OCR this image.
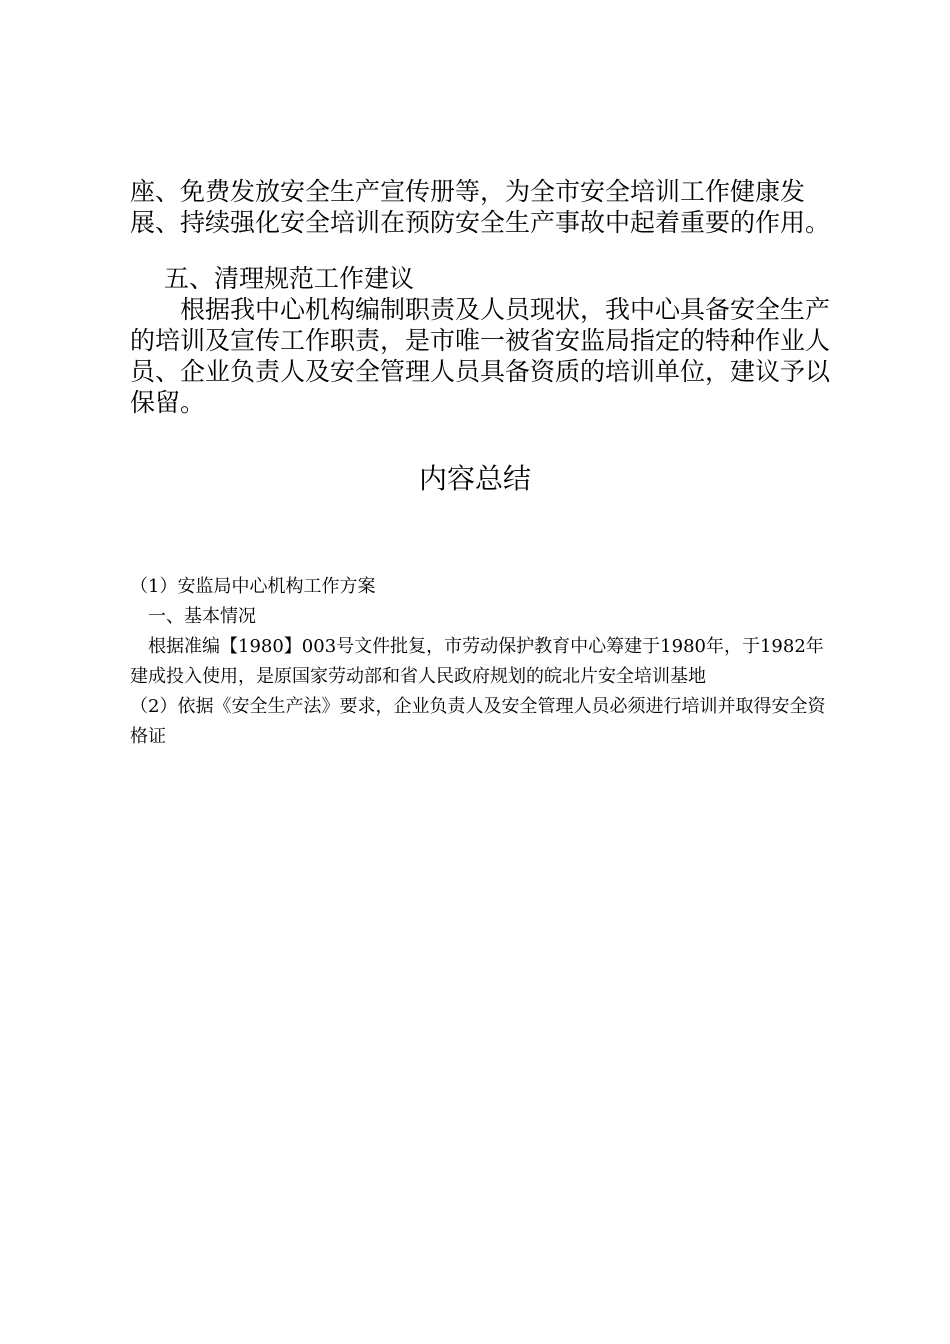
座、免费发放安全生产宣传册等，为全市安全培训工作健康发展、持续强化安全培训在预防安全生产事故中起着重要的作用。

五、清理规范工作建议

根据我中心机构编制职责及人员现状，我中心具备安全生产的培训及宣传工作职责，是市唯一被省安监局指定的特种作业人员、企业负责人及安全管理人员具备资质的培训单位，建议予以保留。

内容总结

（1）安监局中心机构工作方案

一、基本情况

根据准编【1980】003号文件批复，市劳动保护教育中心筹建于1980年，于1982年建成投入使用，是原国家劳动部和省人民政府规划的皖北片安全培训基地

（2）依据《安全生产法》要求，企业负责人及安全管理人员必须进行培训并取得安全资格证
